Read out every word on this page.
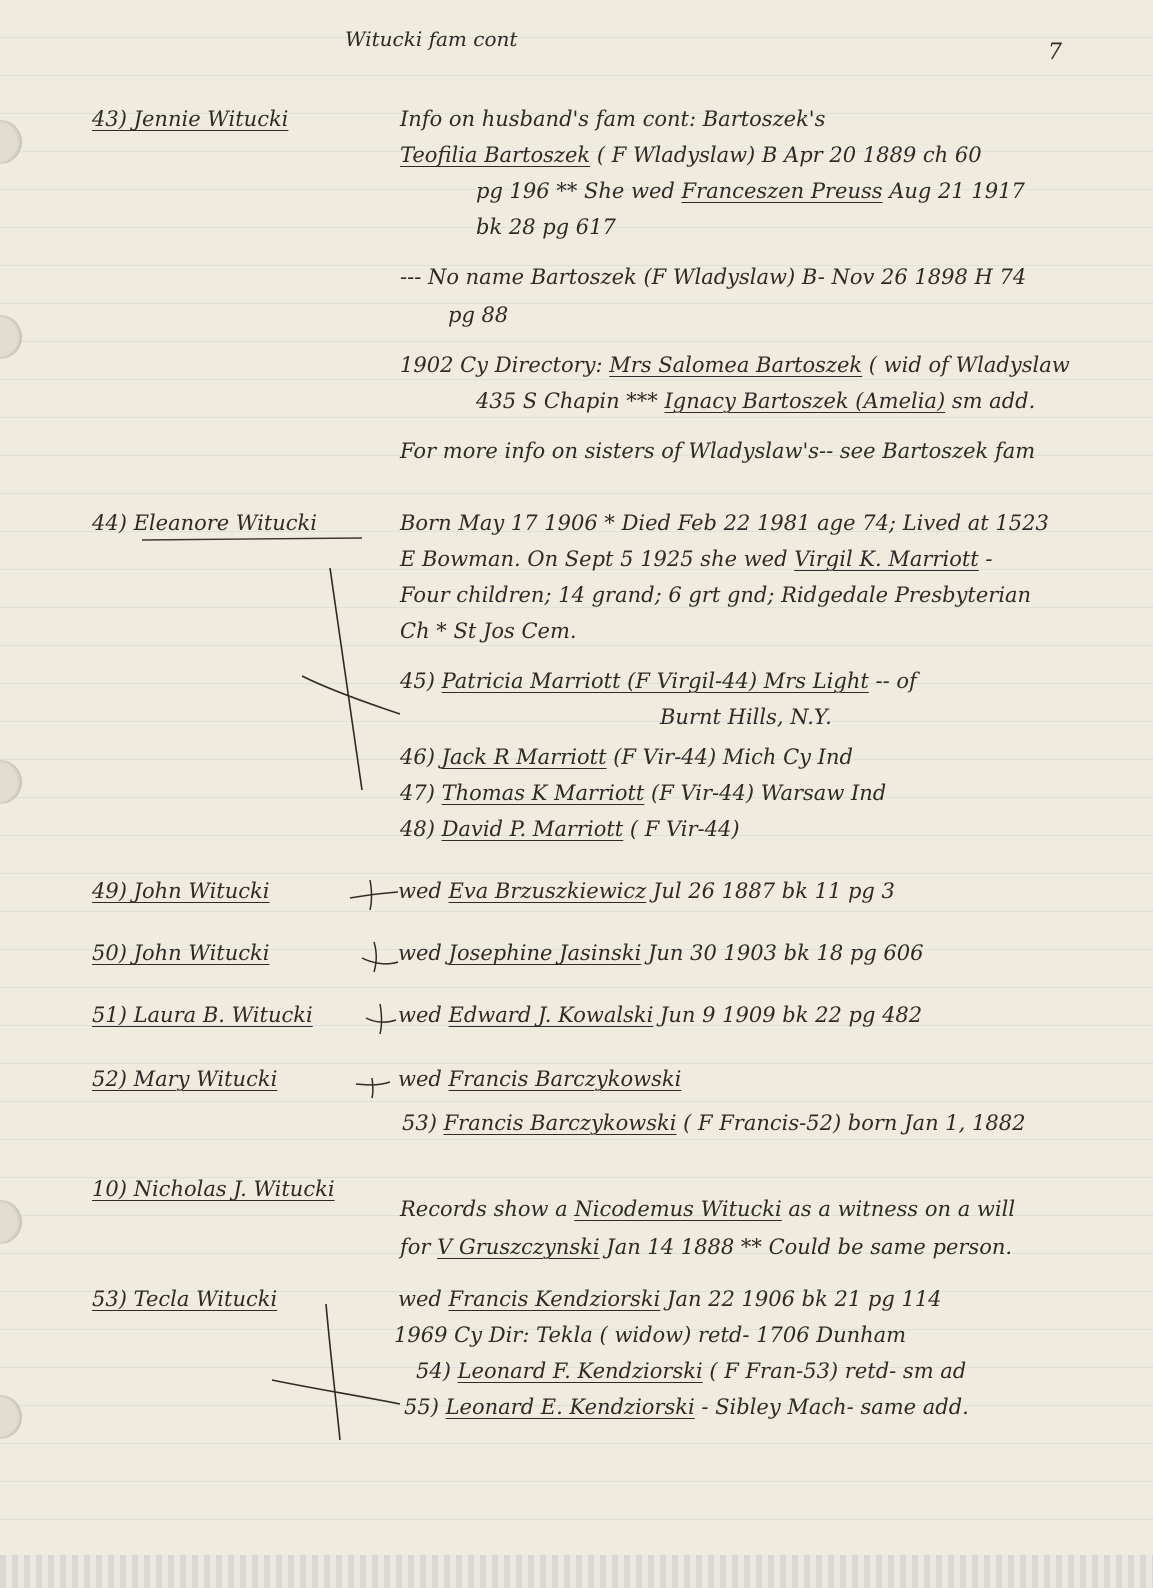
Witucki fam cont
7
43) Jennie Witucki	Info on husband's fam cont: Bartoszek's
Teofilia Bartoszek ( F Wladyslaw) B Apr 20 1889 ch 60
pg 196 ** She wed Franceszen Preuss Aug 21 1917
bk 28 pg 617
--- No name Bartoszek (F Wladyslaw) B- Nov 26 1898 H 74
pg 88
1902 Cy Directory: Mrs Salomea Bartoszek ( wid of Wladyslaw
435 S Chapin *** Ignacy Bartoszek (Amelia) sm add.
For more info on sisters of Wladyslaw's-- see Bartoszek fam
44) Eleanore Witucki	Born May 17 1906 * Died Feb 22 1981 age 74; Lived at 1523
E Bowman. On Sept 5 1925 she wed Virgil K. Marriott -
Four children; 14 grand; 6 grt gnd; Ridgedale Presbyterian
Ch * St Jos Cem.
45) Patricia Marriott (F Virgil-44) Mrs Light -- of
Burnt Hills, N.Y.
46) Jack R Marriott (F Vir-44) Mich Cy Ind
47) Thomas K Marriott (F Vir-44) Warsaw Ind
48) David P. Marriott ( F Vir-44)
49) John Witucki	wed Eva Brzuszkiewicz Jul 26 1887 bk 11 pg 3
50) John Witucki	wed Josephine Jasinski Jun 30 1903 bk 18 pg 606
51) Laura B. Witucki	wed Edward J. Kowalski Jun 9 1909 bk 22 pg 482
52) Mary Witucki	wed Francis Barczykowski
53) Francis Barczykowski ( F Francis-52) born Jan 1, 1882
10) Nicholas J. Witucki
Records show a Nicodemus Witucki as a witness on a will
for V Gruszczynski Jan 14 1888 ** Could be same person.
53) Tecla Witucki	wed Francis Kendziorski Jan 22 1906 bk 21 pg 114
1969 Cy Dir: Tekla ( widow) retd- 1706 Dunham
54) Leonard F. Kendziorski ( F Fran-53) retd- sm ad
55) Leonard E. Kendziorski - Sibley Mach- same add.
